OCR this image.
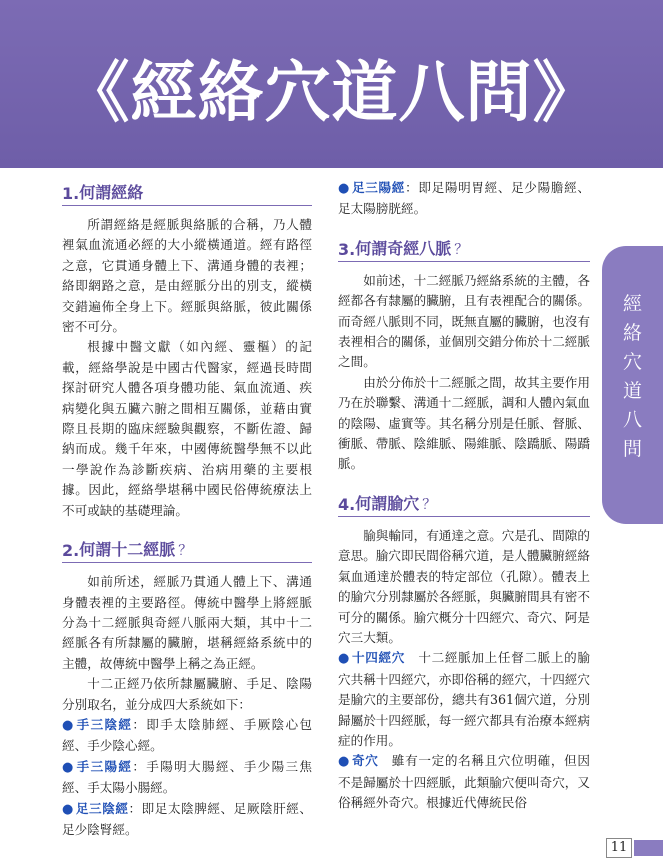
《經絡穴道八問》
1. 何謂經絡

所謂經絡是經脈與絡脈的合稱，乃人體裡氣血流通必經的大小縱橫通道。經有路徑之意，它貫通身體上下、溝通身體的表裡；絡即網路之意，是由經脈分出的別支，縱橫交錯遍佈全身上下。經脈與絡脈，彼此關係密不可分。

根據中醫文獻（如內經、靈樞）的記載，經絡學說是中國古代醫家，經過長時間探討研究人體各項身體功能、氣血流通、疾病變化與五臟六腑之間相互關係，並藉由實際且長期的臨床經驗與觀察，不斷佐證、歸納而成。幾千年來，中國傳統醫學無不以此一學說作為診斷疾病、治病用藥的主要根據。因此，經絡學堪稱中國民俗傳統療法上不可或缺的基礎理論。

2. 何謂十二經脈 ？

如前所述，經脈乃貫通人體上下、溝通身體表裡的主要路徑。傳統中醫學上將經脈分為十二經脈與奇經八脈兩大類，其中十二經脈各有所隸屬的臟腑，堪稱經絡系統中的主體，故傳統中醫學上稱之為正經。

十二正經乃依所隸屬臟腑、手足、陰陽分別取名，並分成四大系統如下：

● 手三陰經：即手太陰肺經、手厥陰心包經、手少陰心經。
● 手三陽經：手陽明大腸經、手少陽三焦經、手太陽小腸經。
● 足三陰經：即足太陰脾經、足厥陰肝經、足少陰腎經。
● 足三陽經：即足陽明胃經、足少陽膽經、足太陽膀胱經。
3. 何謂奇經八脈 ？

如前述，十二經脈乃經絡系統的主體，各經都各有隸屬的臟腑，且有表裡配合的關係。而奇經八脈則不同，既無直屬的臟腑，也沒有表裡相合的關係，並個別交錯分佈於十二經脈之間。

由於分佈於十二經脈之間，故其主要作用乃在於聯繫、溝通十二經脈，調和人體內氣血的陰陽、虛實等。其名稱分別是任脈、督脈、衝脈、帶脈、陰維脈、陽維脈、陰蹻脈、陽蹻脈。

4. 何謂腧穴 ？

腧與輸同，有通達之意。穴是孔、間隙的意思。腧穴即民間俗稱穴道，是人體臟腑經絡氣血通達於體表的特定部位（孔隙）。體表上的腧穴分別隸屬於各經脈，與臟腑間具有密不可分的關係。腧穴概分十四經穴、奇穴、阿是穴三大類。

● 十四經穴　十二經脈加上任督二脈上的腧穴共稱十四經穴，亦即俗稱的經穴，十四經穴是腧穴的主要部份，總共有361個穴道，分別歸屬於十四經脈，每一經穴都具有治療本經病症的作用。
● 奇穴　雖有一定的名稱且穴位明確，但因不是歸屬於十四經脈，此類腧穴便叫奇穴，又俗稱經外奇穴。根據近代傳統民俗
經
絡
穴
道
八
問
11
